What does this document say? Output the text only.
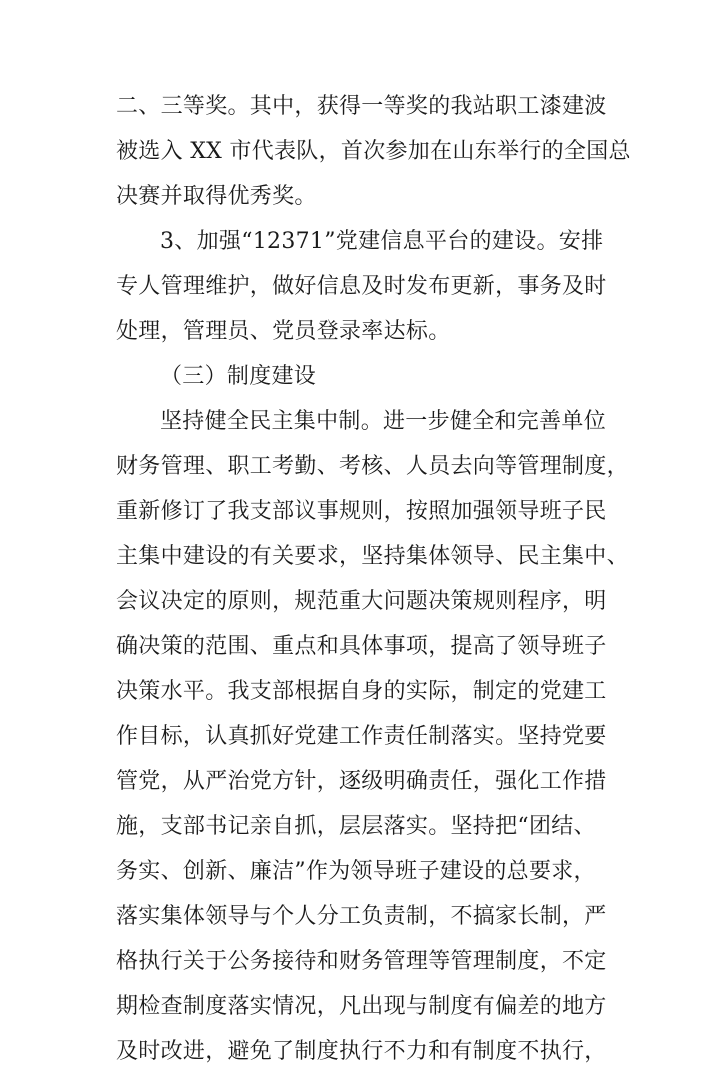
二、三等奖。其中，获得一等奖的我站职工漆建波
被选入 XX 市代表队，首次参加在山东举行的全国总
决赛并取得优秀奖。
3、加强“12371”党建信息平台的建设。安排
专人管理维护，做好信息及时发布更新，事务及时
处理，管理员、党员登录率达标。
（三）制度建设
坚持健全民主集中制。进一步健全和完善单位
财务管理、职工考勤、考核、人员去向等管理制度，
重新修订了我支部议事规则，按照加强领导班子民
主集中建设的有关要求，坚持集体领导、民主集中、
会议决定的原则，规范重大问题决策规则程序，明
确决策的范围、重点和具体事项，提高了领导班子
决策水平。我支部根据自身的实际，制定的党建工
作目标，认真抓好党建工作责任制落实。坚持党要
管党，从严治党方针，逐级明确责任，强化工作措
施，支部书记亲自抓，层层落实。坚持把“团结、
务实、创新、廉洁”作为领导班子建设的总要求，
落实集体领导与个人分工负责制，不搞家长制，严
格执行关于公务接待和财务管理等管理制度，不定
期检查制度落实情况，凡出现与制度有偏差的地方
及时改进，避免了制度执行不力和有制度不执行，
